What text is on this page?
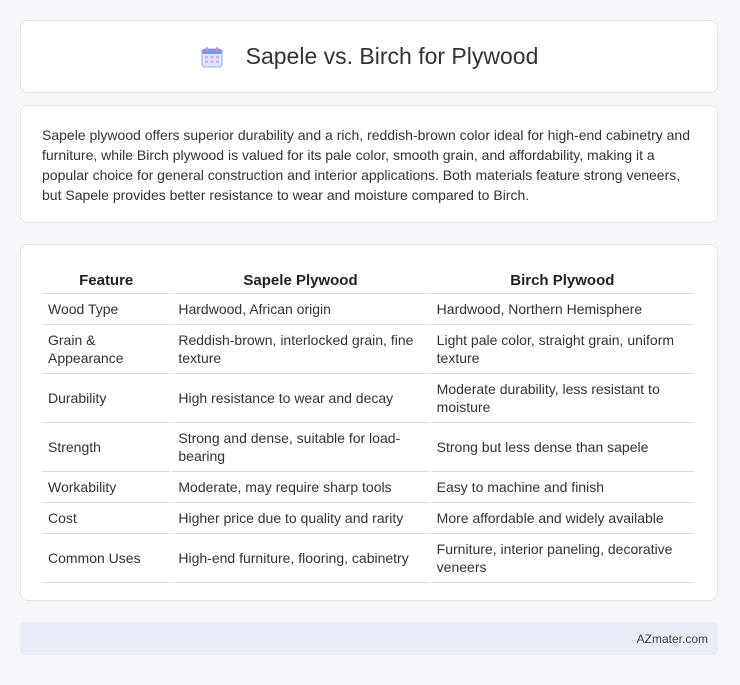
Sapele vs. Birch for Plywood

Sapele plywood offers superior durability and a rich, reddish-brown color ideal for high-end cabinetry and furniture, while Birch plywood is valued for its pale color, smooth grain, and affordability, making it a popular choice for general construction and interior applications. Both materials feature strong veneers, but Sapele provides better resistance to wear and moisture compared to Birch.

Feature	Sapele Plywood	Birch Plywood
Wood Type	Hardwood, African origin	Hardwood, Northern Hemisphere
Grain & Appearance	Reddish-brown, interlocked grain, fine texture	Light pale color, straight grain, uniform texture
Durability	High resistance to wear and decay	Moderate durability, less resistant to moisture
Strength	Strong and dense, suitable for load-bearing	Strong but less dense than sapele
Workability	Moderate, may require sharp tools	Easy to machine and finish
Cost	Higher price due to quality and rarity	More affordable and widely available
Common Uses	High-end furniture, flooring, cabinetry	Furniture, interior paneling, decorative veneers
AZmater.com
